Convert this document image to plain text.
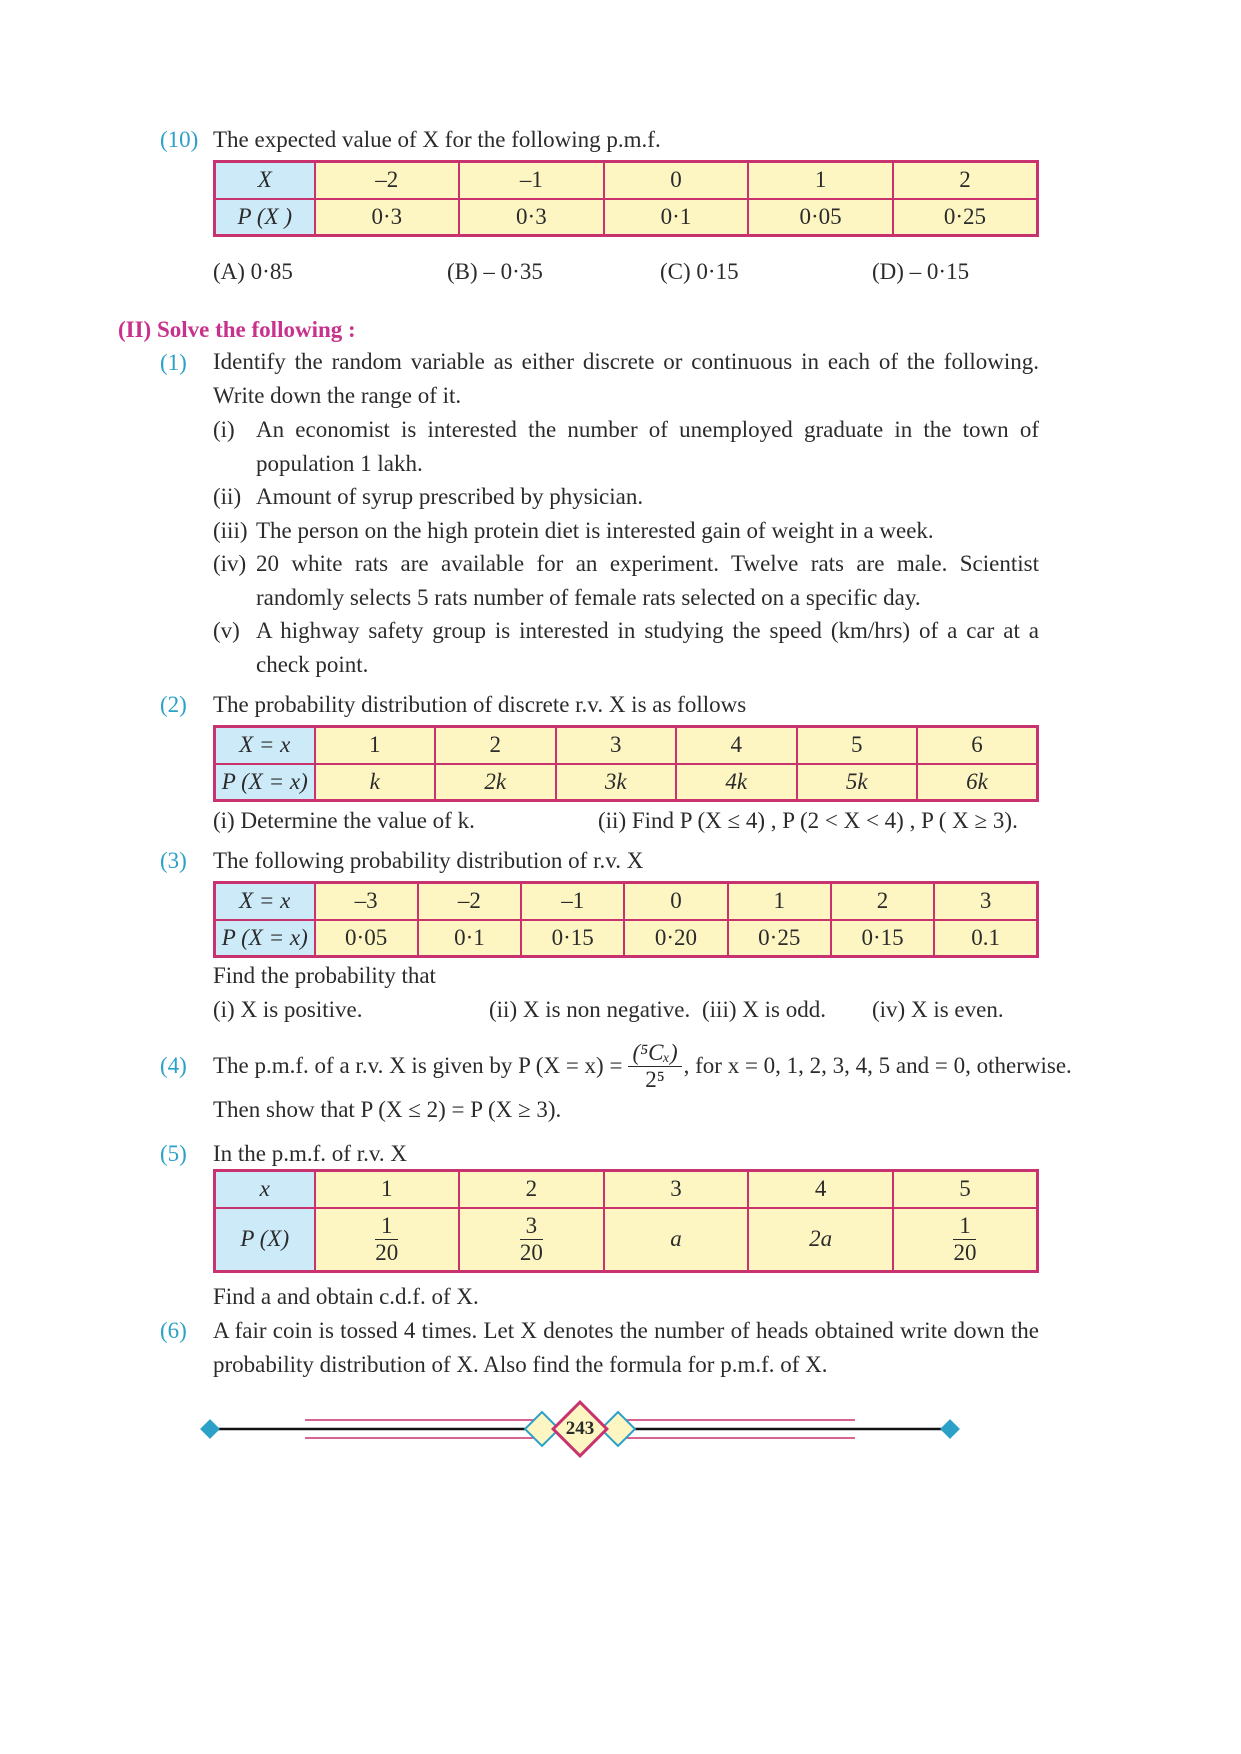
(10) The expected value of X for the following p.m.f.
X	–2	–1	0	1	2
P (X )	0·3	0·3	0·1	0·05	0·25
(A) 0·85	(B) – 0·35	(C) 0·15	(D) – 0·15
(II) Solve the following :
(1) Identify the random variable as either discrete or continuous in each of the following. Write down the range of it.
(i) An economist is interested the number of unemployed graduate in the town of population 1 lakh.
(ii) Amount of syrup prescribed by physician.
(iii) The person on the high protein diet is interested gain of weight in a week.
(iv) 20 white rats are available for an experiment. Twelve rats are male. Scientist randomly selects 5 rats number of female rats selected on a specific day.
(v) A highway safety group is interested in studying the speed (km/hrs) of a car at a check point.
(2) The probability distribution of discrete r.v. X is as follows
X = x	1	2	3	4	5	6
P (X = x)	k	2k	3k	4k	5k	6k
(i) Determine the value of k.	(ii) Find P (X ≤ 4) , P (2 < X < 4) , P ( X ≥ 3).
(3) The following probability distribution of r.v. X
X = x	–3	–2	–1	0	1	2	3
P (X = x)	0·05	0·1	0·15	0·20	0·25	0·15	0.1
Find the probability that
(i) X is positive.	(ii) X is non negative. (iii) X is odd. (iv) X is even.
(4) The p.m.f. of a r.v. X is given by P $(X = x) = \frac{\text{(⁵Cₓ)}}{\text{2⁵}}$ , for x = 0, 1, 2, 3, 4, 5 and = 0, otherwise.
Then show that P (X ≤ 2) = P (X ≥ 3).
(5) In the p.m.f. of r.v. X
x	1	2	3	4	5
P (X)	$\frac{1}{20}$	$\frac{3}{20}$	a	2a	$\frac{1}{20}$
Find a and obtain c.d.f. of X.
(6) A fair coin is tossed 4 times. Let X denotes the number of heads obtained write down the probability distribution of X. Also find the formula for p.m.f. of X.
243
